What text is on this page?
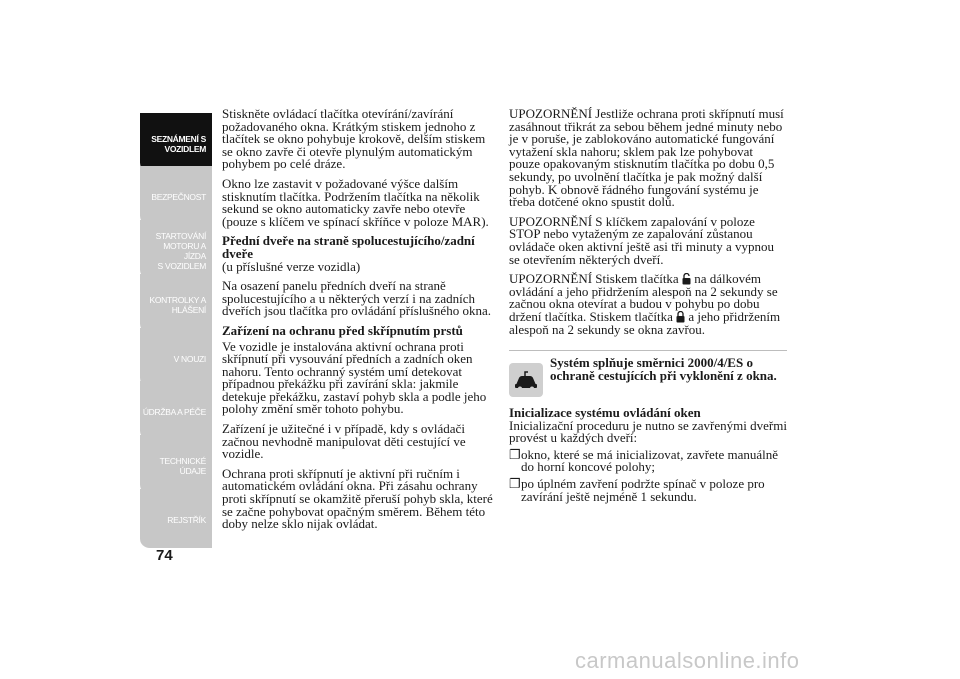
SEZNÁMENÍ S
VOZIDLEM
BEZPEČNOST
STARTOVÁNÍ
MOTORU A JÍZDA
S VOZIDLEM
KONTROLKY A
HLÁŠENÍ
V NOUZI
ÚDRŽBA A PÉČE
TECHNICKÉ
ÚDAJE
REJSTŘÍK
74

Stiskněte ovládací tlačítka otevírání/zavírání požadovaného okna. Krátkým stiskem jednoho z tlačítek se okno pohybuje krokově, delším stiskem se okno zavře či otevře plynulým automatickým pohybem po celé dráze.

Okno lze zastavit v požadované výšce dalším stisknutím tlačítka. Podržením tlačítka na několik sekund se okno automaticky zavře nebo otevře (pouze s klíčem ve spínací skříňce v poloze MAR).

Přední dveře na straně spolucestujícího/zadní dveře

(u příslušné verze vozidla)

Na osazení panelu předních dveří na straně spolucestujícího a u některých verzí i na zadních dveřích jsou tlačítka pro ovládání příslušného okna.

Zařízení na ochranu před skřípnutím prstů

Ve vozidle je instalována aktivní ochrana proti skřípnutí při vysouvání předních a zadních oken nahoru. Tento ochranný systém umí detekovat případnou překážku při zavírání skla: jakmile detekuje překážku, zastaví pohyb skla a podle jeho polohy změní směr tohoto pohybu.

Zařízení je užitečné i v případě, kdy s ovládači začnou nevhodně manipulovat děti cestující ve vozidle.

Ochrana proti skřípnutí je aktivní při ručním i automatickém ovládání okna. Při zásahu ochrany proti skřípnutí se okamžitě přeruší pohyb skla, které se začne pohybovat opačným směrem. Během této doby nelze sklo nijak ovládat.

UPOZORNĚNÍ Jestliže ochrana proti skřípnutí musí zasáhnout třikrát za sebou během jedné minuty nebo je v poruše, je zablokováno automatické fungování vytažení skla nahoru; sklem pak lze pohybovat pouze opakovaným stisknutím tlačítka po dobu 0,5 sekundy, po uvolnění tlačítka je pak možný další pohyb. K obnově řádného fungování systému je třeba dotčené okno spustit dolů.

UPOZORNĚNÍ S klíčkem zapalování v poloze STOP nebo vytaženým ze zapalování zůstanou ovládače oken aktivní ještě asi tři minuty a vypnou se otevřením některých dveří.

UPOZORNĚNÍ Stiskem tlačítka na dálkovém ovládání a jeho přidržením alespoň na 2 sekundy se začnou okna otevírat a budou v pohybu po dobu držení tlačítka. Stiskem tlačítka a jeho přidržením alespoň na 2 sekundy se okna zavřou.

Systém splňuje směrnici 2000/4/ES o ochraně cestujících při vyklonění z okna.

Inicializace systému ovládání oken

Inicializační proceduru je nutno se zavřenými dveřmi provést u každých dveří:

❐ okno, které se má inicializovat, zavřete manuálně do horní koncové polohy;
❐ po úplném zavření podržte spínač v poloze pro zavírání ještě nejméně 1 sekundu.
carmanualsonline.info
